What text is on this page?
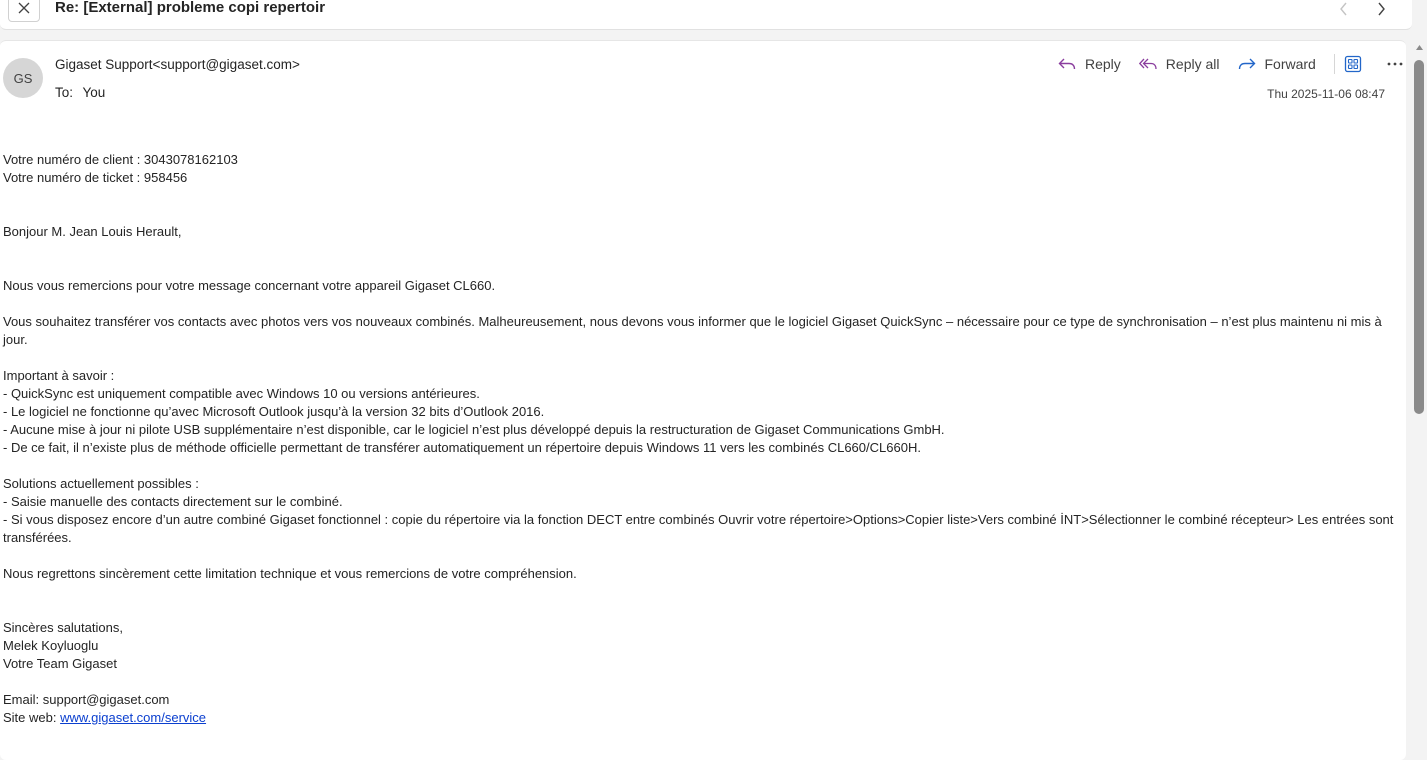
Re: [External] probleme copi repertoir
GS
Gigaset Support<support@gigaset.com>
To: You
Reply	Reply all	Forward
Thu 2025-11-06 08:47

Votre numéro de client : 3043078162103

Votre numéro de ticket : 958456

Bonjour M. Jean Louis Herault,

Nous vous remercions pour votre message concernant votre appareil Gigaset CL660.

Vous souhaitez transférer vos contacts avec photos vers vos nouveaux combinés. Malheureusement, nous devons vous informer que le logiciel Gigaset QuickSync – nécessaire pour ce type de synchronisation – n’est plus maintenu ni mis à jour.

Important à savoir :

- QuickSync est uniquement compatible avec Windows 10 ou versions antérieures.

- Le logiciel ne fonctionne qu’avec Microsoft Outlook jusqu’à la version 32 bits d’Outlook 2016.

- Aucune mise à jour ni pilote USB supplémentaire n’est disponible, car le logiciel n’est plus développé depuis la restructuration de Gigaset Communications GmbH.

- De ce fait, il n’existe plus de méthode officielle permettant de transférer automatiquement un répertoire depuis Windows 11 vers les combinés CL660/CL660H.

Solutions actuellement possibles :

- Saisie manuelle des contacts directement sur le combiné.

- Si vous disposez encore d’un autre combiné Gigaset fonctionnel : copie du répertoire via la fonction DECT entre combinés Ouvrir votre répertoire>Options>Copier liste>Vers combiné İNT>Sélectionner le combiné récepteur> Les entrées sont transférées.

Nous regrettons sincèrement cette limitation technique et vous remercions de votre compréhension.

Sincères salutations,

Melek Koyluoglu

Votre Team Gigaset

Email: support@gigaset.com

Site web: www.gigaset.com/service
